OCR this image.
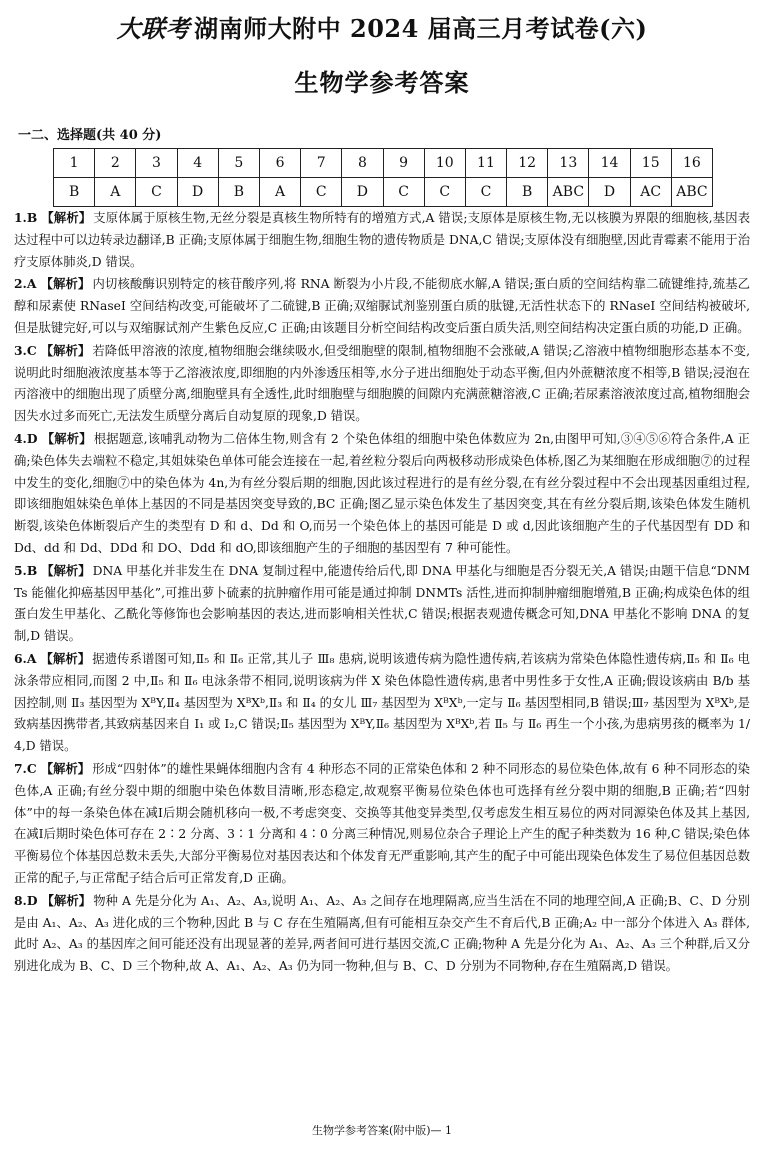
大联考 湖南师大附中 2024 届高三月考试卷(六)
生物学参考答案
一二、选择题(共 40 分)
1	2	3	4	5	6	7	8	9	10	11	12	13	14	15	16
B	A	C	D	B	A	C	D	C	C	C	B	ABC	D	AC	ABC

1.B 【解析】 支原体属于原核生物,无丝分裂是真核生物所特有的增殖方式,A 错误;支原体是原核生物,无以核膜为界限的细胞核,基因表达过程中可以边转录边翻译,B 正确;支原体属于细胞生物,细胞生物的遗传物质是 DNA,C 错误;支原体没有细胞壁,因此青霉素不能用于治疗支原体肺炎,D 错误。

2.A 【解析】 内切核酸酶识别特定的核苷酸序列,将 RNA 断裂为小片段,不能彻底水解,A 错误;蛋白质的空间结构靠二硫键维持,巯基乙醇和尿素使 RNaseI 空间结构改变,可能破坏了二硫键,B 正确;双缩脲试剂鉴别蛋白质的肽键,无活性状态下的 RNaseI 空间结构被破坏,但是肽键完好,可以与双缩脲试剂产生紫色反应,C 正确;由该题目分析空间结构改变后蛋白质失活,则空间结构决定蛋白质的功能,D 正确。

3.C 【解析】 若降低甲溶液的浓度,植物细胞会继续吸水,但受细胞壁的限制,植物细胞不会涨破,A 错误;乙溶液中植物细胞形态基本不变,说明此时细胞液浓度基本等于乙溶液浓度,即细胞的内外渗透压相等,水分子进出细胞处于动态平衡,但内外蔗糖浓度不相等,B 错误;浸泡在丙溶液中的细胞出现了质壁分离,细胞壁具有全透性,此时细胞壁与细胞膜的间隙内充满蔗糖溶液,C 正确;若尿素溶液浓度过高,植物细胞会因失水过多而死亡,无法发生质壁分离后自动复原的现象,D 错误。

4.D 【解析】 根据题意,该哺乳动物为二倍体生物,则含有 2 个染色体组的细胞中染色体数应为 2n,由图甲可知,③④⑤⑥符合条件,A 正确;染色体失去端粒不稳定,其姐妹染色单体可能会连接在一起,着丝粒分裂后向两极移动形成染色体桥,图乙为某细胞在形成细胞⑦的过程中发生的变化,细胞⑦中的染色体为 4n,为有丝分裂后期的细胞,因此该过程进行的是有丝分裂,在有丝分裂过程中不会出现基因重组过程,即该细胞姐妹染色单体上基因的不同是基因突变导致的,BC 正确;图乙显示染色体发生了基因突变,其在有丝分裂后期,该染色体发生随机断裂,该染色体断裂后产生的类型有 D 和 d、Dd 和 O,而另一个染色体上的基因可能是 D 或 d,因此该细胞产生的子代基因型有 DD 和 Dd、dd 和 Dd、DDd 和 DO、Ddd 和 dO,即该细胞产生的子细胞的基因型有 7 种可能性。

5.B 【解析】 DNA 甲基化并非发生在 DNA 复制过程中,能遗传给后代,即 DNA 甲基化与细胞是否分裂无关,A 错误;由题干信息“DNMTs 能催化抑癌基因甲基化”,可推出萝卜硫素的抗肿瘤作用可能是通过抑制 DNMTs 活性,进而抑制肿瘤细胞增殖,B 正确;构成染色体的组蛋白发生甲基化、乙酰化等修饰也会影响基因的表达,进而影响相关性状,C 错误;根据表观遗传概念可知,DNA 甲基化不影响 DNA 的复制,D 错误。

6.A 【解析】 据遗传系谱图可知,Ⅱ₅ 和 Ⅱ₆ 正常,其儿子 Ⅲ₈ 患病,说明该遗传病为隐性遗传病,若该病为常染色体隐性遗传病,Ⅱ₅ 和 Ⅱ₆ 电泳条带应相同,而图 2 中,Ⅱ₅ 和 Ⅱ₆ 电泳条带不相同,说明该病为伴 X 染色体隐性遗传病,患者中男性多于女性,A 正确;假设该病由 B/b 基因控制,则 Ⅱ₃ 基因型为 XᴮY,Ⅱ₄ 基因型为 XᴮXᵇ,Ⅱ₃ 和 Ⅱ₄ 的女儿 Ⅲ₇ 基因型为 XᴮXᵇ,一定与 Ⅱ₆ 基因型相同,B 错误;Ⅲ₇ 基因型为 XᴮXᵇ,是致病基因携带者,其致病基因来自 Ⅰ₁ 或 Ⅰ₂,C 错误;Ⅱ₅ 基因型为 XᴮY,Ⅱ₆ 基因型为 XᴮXᵇ,若 Ⅱ₅ 与 Ⅱ₆ 再生一个小孩,为患病男孩的概率为 1/4,D 错误。

7.C 【解析】 形成“四射体”的雄性果蝇体细胞内含有 4 种形态不同的正常染色体和 2 种不同形态的易位染色体,故有 6 种不同形态的染色体,A 正确;有丝分裂中期的细胞中染色体数目清晰,形态稳定,故观察平衡易位染色体也可选择有丝分裂中期的细胞,B 正确;若“四射体”中的每一条染色体在减Ⅰ后期会随机移向一极,不考虑突变、交换等其他变异类型,仅考虑发生相互易位的两对同源染色体及其上基因,在减Ⅰ后期时染色体可存在 2∶2 分离、3∶1 分离和 4∶0 分离三种情况,则易位杂合子理论上产生的配子种类数为 16 种,C 错误;染色体平衡易位个体基因总数未丢失,大部分平衡易位对基因表达和个体发育无严重影响,其产生的配子中可能出现染色体发生了易位但基因总数正常的配子,与正常配子结合后可正常发育,D 正确。

8.D 【解析】 物种 A 先是分化为 A₁、A₂、A₃,说明 A₁、A₂、A₃ 之间存在地理隔离,应当生活在不同的地理空间,A 正确;B、C、D 分别是由 A₁、A₂、A₃ 进化成的三个物种,因此 B 与 C 存在生殖隔离,但有可能相互杂交产生不育后代,B 正确;A₂ 中一部分个体进入 A₃ 群体,此时 A₂、A₃ 的基因库之间可能还没有出现显著的差异,两者间可进行基因交流,C 正确;物种 A 先是分化为 A₁、A₂、A₃ 三个种群,后又分别进化成为 B、C、D 三个物种,故 A、A₁、A₂、A₃ 仍为同一物种,但与 B、C、D 分别为不同物种,存在生殖隔离,D 错误。

生物学参考答案(附中版)— 1
